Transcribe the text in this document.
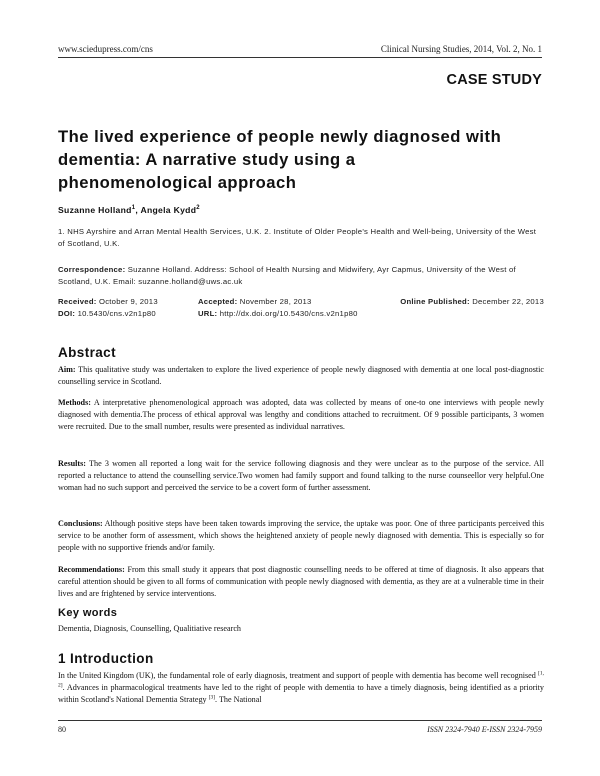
www.sciedupress.com/cns	Clinical Nursing Studies, 2014, Vol. 2, No. 1
CASE STUDY
The lived experience of people newly diagnosed with
dementia: A narrative study using a
phenomenological approach
Suzanne Holland$^1$, Angela Kydd$^2$
1. NHS Ayrshire and Arran Mental Health Services, U.K. 2. Institute of Older People's Health and Well-being, University of the West of Scotland, U.K.
Correspondence: Suzanne Holland. Address: School of Health Nursing and Midwifery, Ayr Capmus, University of the West of Scotland, U.K. Email: suzanne.holland@uws.ac.uk
Received: October 9, 2013	Accepted: November 28, 2013	Online Published: December 22, 2013
DOI: 10.5430/cns.v2n1p80	URL: http://dx.doi.org/10.5430/cns.v2n1p80
Abstract
Aim: This qualitative study was undertaken to explore the lived experience of people newly diagnosed with dementia at one local post-diagnostic counselling service in Scotland.
Methods: A interpretative phenomenological approach was adopted, data was collected by means of one-to one interviews with people newly diagnosed with dementia.The process of ethical approval was lengthy and conditions attached to recruitment. Of 9 possible participants, 3 women were recruited. Due to the small number, results were presented as individual narratives.
Results: The 3 women all reported a long wait for the service following diagnosis and they were unclear as to the purpose of the service. All reported a reluctance to attend the counselling service.Two women had family support and found talking to the nurse counseellor very helpful.One woman had no such support and perceived the service to be a covert form of further assessment.
Conclusions: Although positive steps have been taken towards improving the service, the uptake was poor. One of three participants perceived this service to be another form of assessment, which shows the heightened anxiety of people newly diagnosed with dementia. This is especially so for people with no supportive friends and/or family.
Recommendations: From this small study it appears that post diagnostic counselling needs to be offered at time of diagnosis. It also appears that careful attention should be given to all forms of communication with people newly diagnosed with dementia, as they are at a vulnerable time in their lives and are frightened by service interventions.
Key words
Dementia, Diagnosis, Counselling, Qualitiative research
1 Introduction
In the United Kingdom (UK), the fundamental role of early diagnosis, treatment and support of people with dementia has become well recognised [1, 2]. Advances in pharmacological treatments have led to the right of people with dementia to have a timely diagnosis, being identified as a priority within Scotland's National Dementia Strategy [3]. The National
80	ISSN 2324-7940 E-ISSN 2324-7959
